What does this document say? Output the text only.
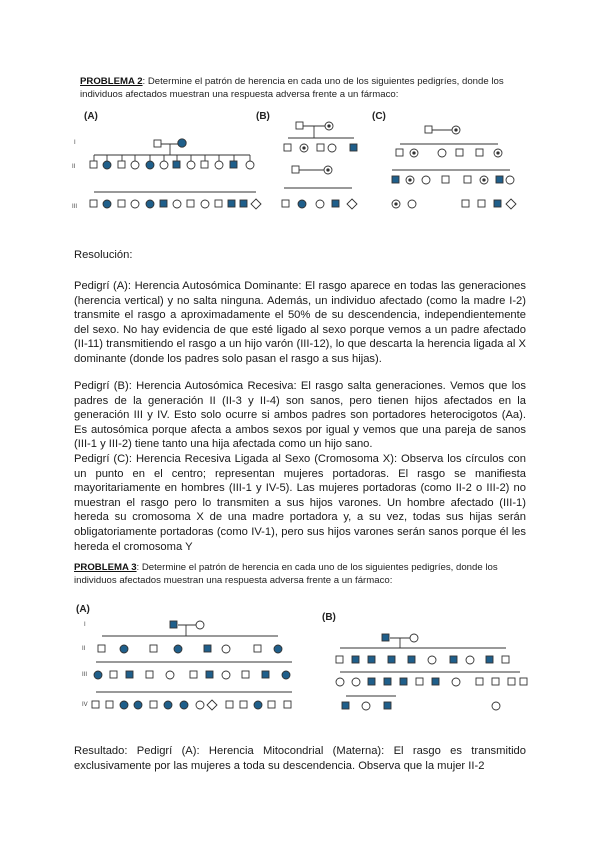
PROBLEMA 2: Determine el patrón de herencia en cada uno de los siguientes pedigríes, donde los individuos afectados muestran una respuesta adversa frente a un fármaco:
(A)
I
II
III
(B)	(C)
Resolución:

Pedigrí (A): Herencia Autosómica Dominante: El rasgo aparece en todas las generaciones (herencia vertical) y no salta ninguna. Además, un individuo afectado (como la madre I-2) transmite el rasgo a aproximadamente el 50% de su descendencia, independientemente del sexo. No hay evidencia de que esté ligado al sexo porque vemos a un padre afectado (II-11) transmitiendo el rasgo a un hijo varón (III-12), lo que descarta la herencia ligada al X dominante (donde los padres solo pasan el rasgo a sus hijas).

Pedigrí (B): Herencia Autosómica Recesiva: El rasgo salta generaciones. Vemos que los padres de la generación II (II-3 y II-4) son sanos, pero tienen hijos afectados en la generación III y IV. Esto solo ocurre si ambos padres son portadores heterocigotos (Aa). Es autosómica porque afecta a ambos sexos por igual y vemos que una pareja de sanos (III-1 y III-2) tiene tanto una hija afectada como un hijo sano.

Pedigrí (C): Herencia Recesiva Ligada al Sexo (Cromosoma X): Observa los círculos con un punto en el centro; representan mujeres portadoras. El rasgo se manifiesta mayoritariamente en hombres (III-1 y IV-5). Las mujeres portadoras (como II-2 o III-2) no muestran el rasgo pero lo transmiten a sus hijos varones. Un hombre afectado (III-1) hereda su cromosoma X de una madre portadora y, a su vez, todas sus hijas serán obligatoriamente portadoras (como IV-1), pero sus hijos varones serán sanos porque él les hereda el cromosoma Y

PROBLEMA 3: Determine el patrón de herencia en cada uno de los siguientes pedigríes, donde los individuos afectados muestran una respuesta adversa frente a un fármaco:
(A)
I
II
III
IV
(B)

Resultado: Pedigrí (A): Herencia Mitocondrial (Materna): El rasgo es transmitido exclusivamente por las mujeres a toda su descendencia. Observa que la mujer II-2
